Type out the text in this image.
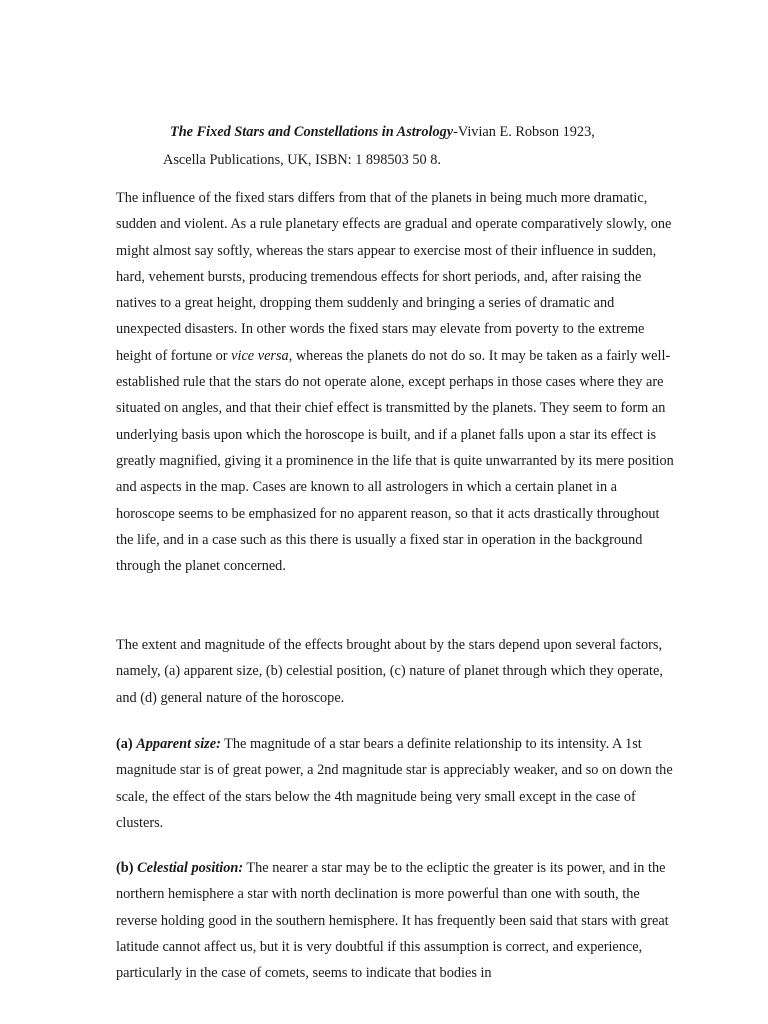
The Fixed Stars and Constellations in Astrology-Vivian E. Robson 1923,
Ascella Publications, UK, ISBN: 1 898503 50 8.

The influence of the fixed stars differs from that of the planets in being much more dramatic, sudden and violent. As a rule planetary effects are gradual and operate comparatively slowly, one might almost say softly, whereas the stars appear to exercise most of their influence in sudden, hard, vehement bursts, producing tremendous effects for short periods, and, after raising the natives to a great height, dropping them suddenly and bringing a series of dramatic and unexpected disasters. In other words the fixed stars may elevate from poverty to the extreme height of fortune or vice versa, whereas the planets do not do so. It may be taken as a fairly well-established rule that the stars do not operate alone, except perhaps in those cases where they are situated on angles, and that their chief effect is transmitted by the planets. They seem to form an underlying basis upon which the horoscope is built, and if a planet falls upon a star its effect is greatly magnified, giving it a prominence in the life that is quite unwarranted by its mere position and aspects in the map. Cases are known to all astrologers in which a certain planet in a horoscope seems to be emphasized for no apparent reason, so that it acts drastically throughout the life, and in a case such as this there is usually a fixed star in operation in the background through the planet concerned.

The extent and magnitude of the effects brought about by the stars depend upon several factors, namely, (a) apparent size, (b) celestial position, (c) nature of planet through which they operate, and (d) general nature of the horoscope.

(a) Apparent size: The magnitude of a star bears a definite relationship to its intensity. A 1st magnitude star is of great power, a 2nd magnitude star is appreciably weaker, and so on down the scale, the effect of the stars below the 4th magnitude being very small except in the case of clusters.

(b) Celestial position: The nearer a star may be to the ecliptic the greater is its power, and in the northern hemisphere a star with north declination is more powerful than one with south, the reverse holding good in the southern hemisphere. It has frequently been said that stars with great latitude cannot affect us, but it is very doubtful if this assumption is correct, and experience, particularly in the case of comets, seems to indicate that bodies in
